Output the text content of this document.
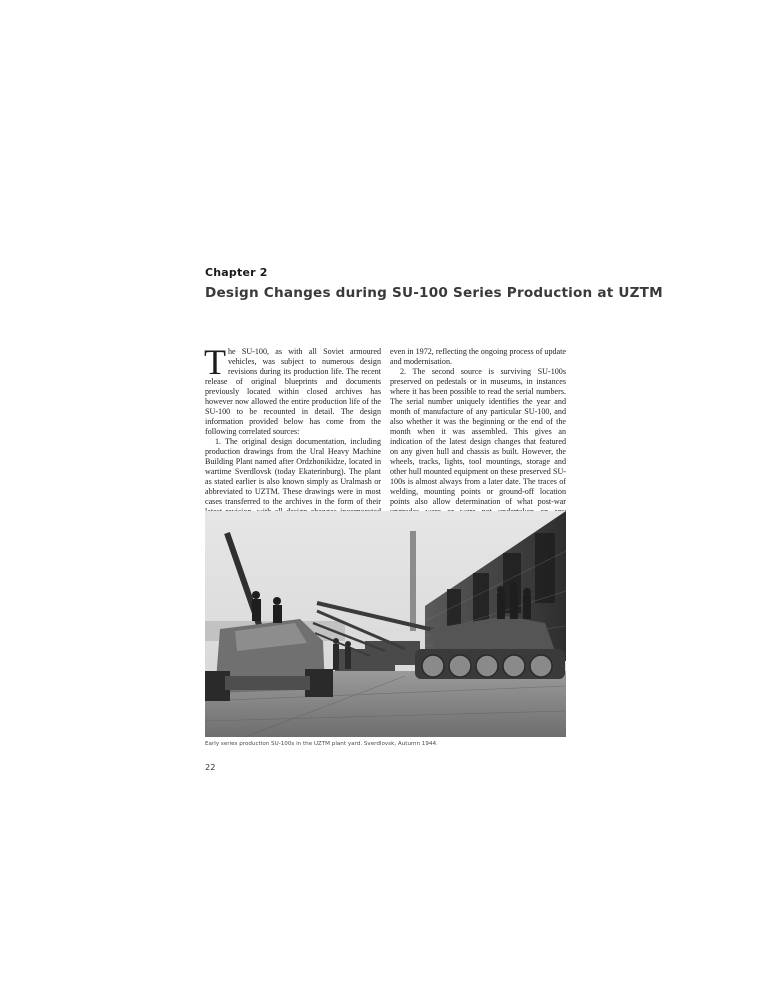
Chapter 2
Design Changes during SU-100 Series Production at UZTM

The SU-100, as with all Soviet armoured vehicles, was subject to numerous design revisions during its production life. The recent release of original blueprints and documents previously located within closed archives has however now allowed the entire production life of the SU-100 to be recounted in detail. The design information provided below has come from the following correlated sources:

1. The original design documentation, including production drawings from the Ural Heavy Machine Building Plant named after Ordzhonikidze, located in wartime Sverdlovsk (today Ekaterinburg). The plant as stated earlier is also known simply as Uralmash or abbreviated to UZTM. These drawings were in most cases transferred to the archives in the form of their

even in 1972, reflecting the ongoing process of update and modernisation.

2. The second source is surviving SU-100s preserved on pedestals or in museums, in instances where it has been possible to read the serial numbers. The serial number uniquely identifies the year and month of manufacture of any particular SU-100, and also whether it was the beginning or the end of the month when it was assembled. This gives an indication of the latest design changes that featured on any given hull and chassis as built. However, the wheels, tracks, lights, tool mountings, storage and other hull mounted equipment on these preserved SU-100s is almost always from a later date. The traces of welding, mounting points or ground-off location points also allow determination of what post-war

Early series production SU-100s in the UZTM plant yard. Sverdlovsk, Autumn 1944.
22
